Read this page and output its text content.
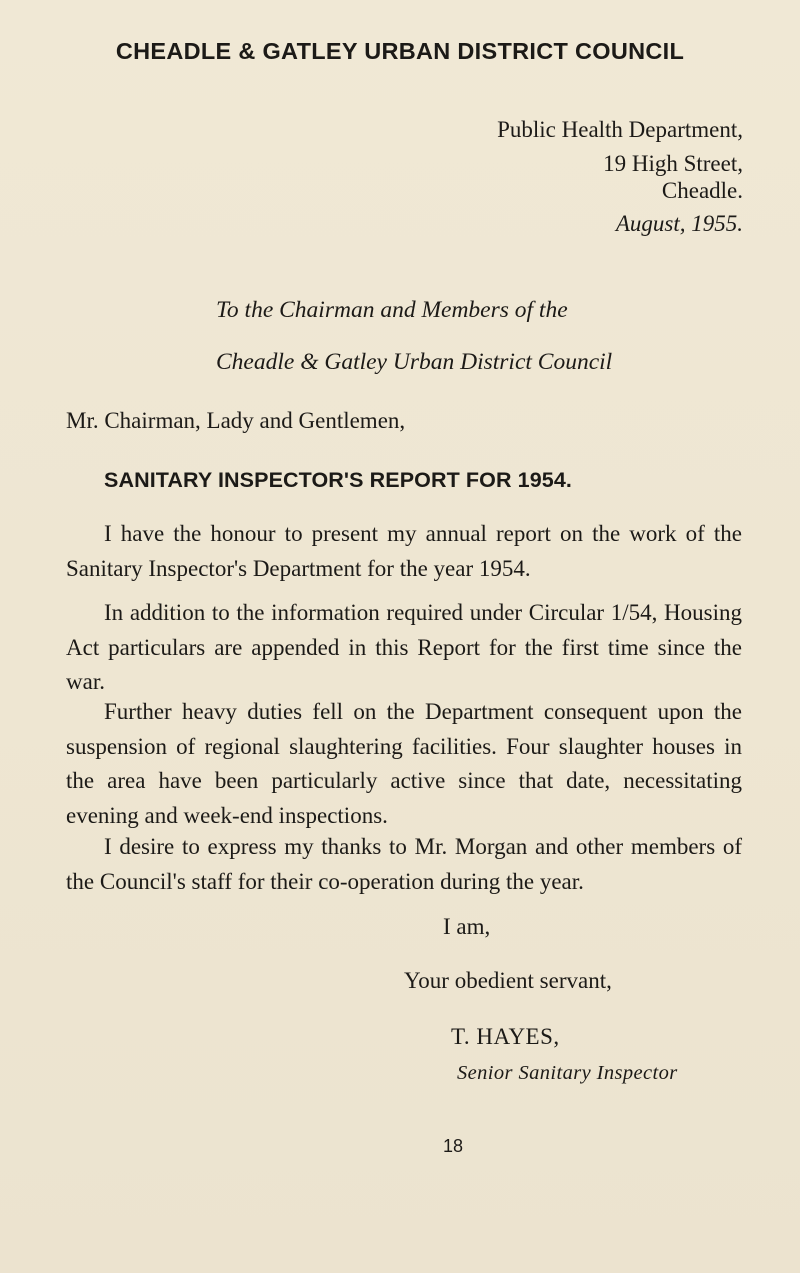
CHEADLE & GATLEY URBAN DISTRICT COUNCIL
Public Health Department,
19 High Street,
Cheadle.
August, 1955.
To the Chairman and Members of the
Cheadle & Gatley Urban District Council
Mr. Chairman, Lady and Gentlemen,
SANITARY INSPECTOR'S REPORT FOR 1954.

I have the honour to present my annual report on the work of the Sanitary Inspector's Department for the year 1954.

In addition to the information required under Circular 1/54, Housing Act particulars are appended in this Report for the first time since the war.

Further heavy duties fell on the Department consequent upon the suspension of regional slaughtering facilities. Four slaughter houses in the area have been particularly active since that date, necessitating evening and week-end inspections.

I desire to express my thanks to Mr. Morgan and other members of the Council's staff for their co-operation during the year.

I am,
Your obedient servant,
T. HAYES,
Senior Sanitary Inspector
18
